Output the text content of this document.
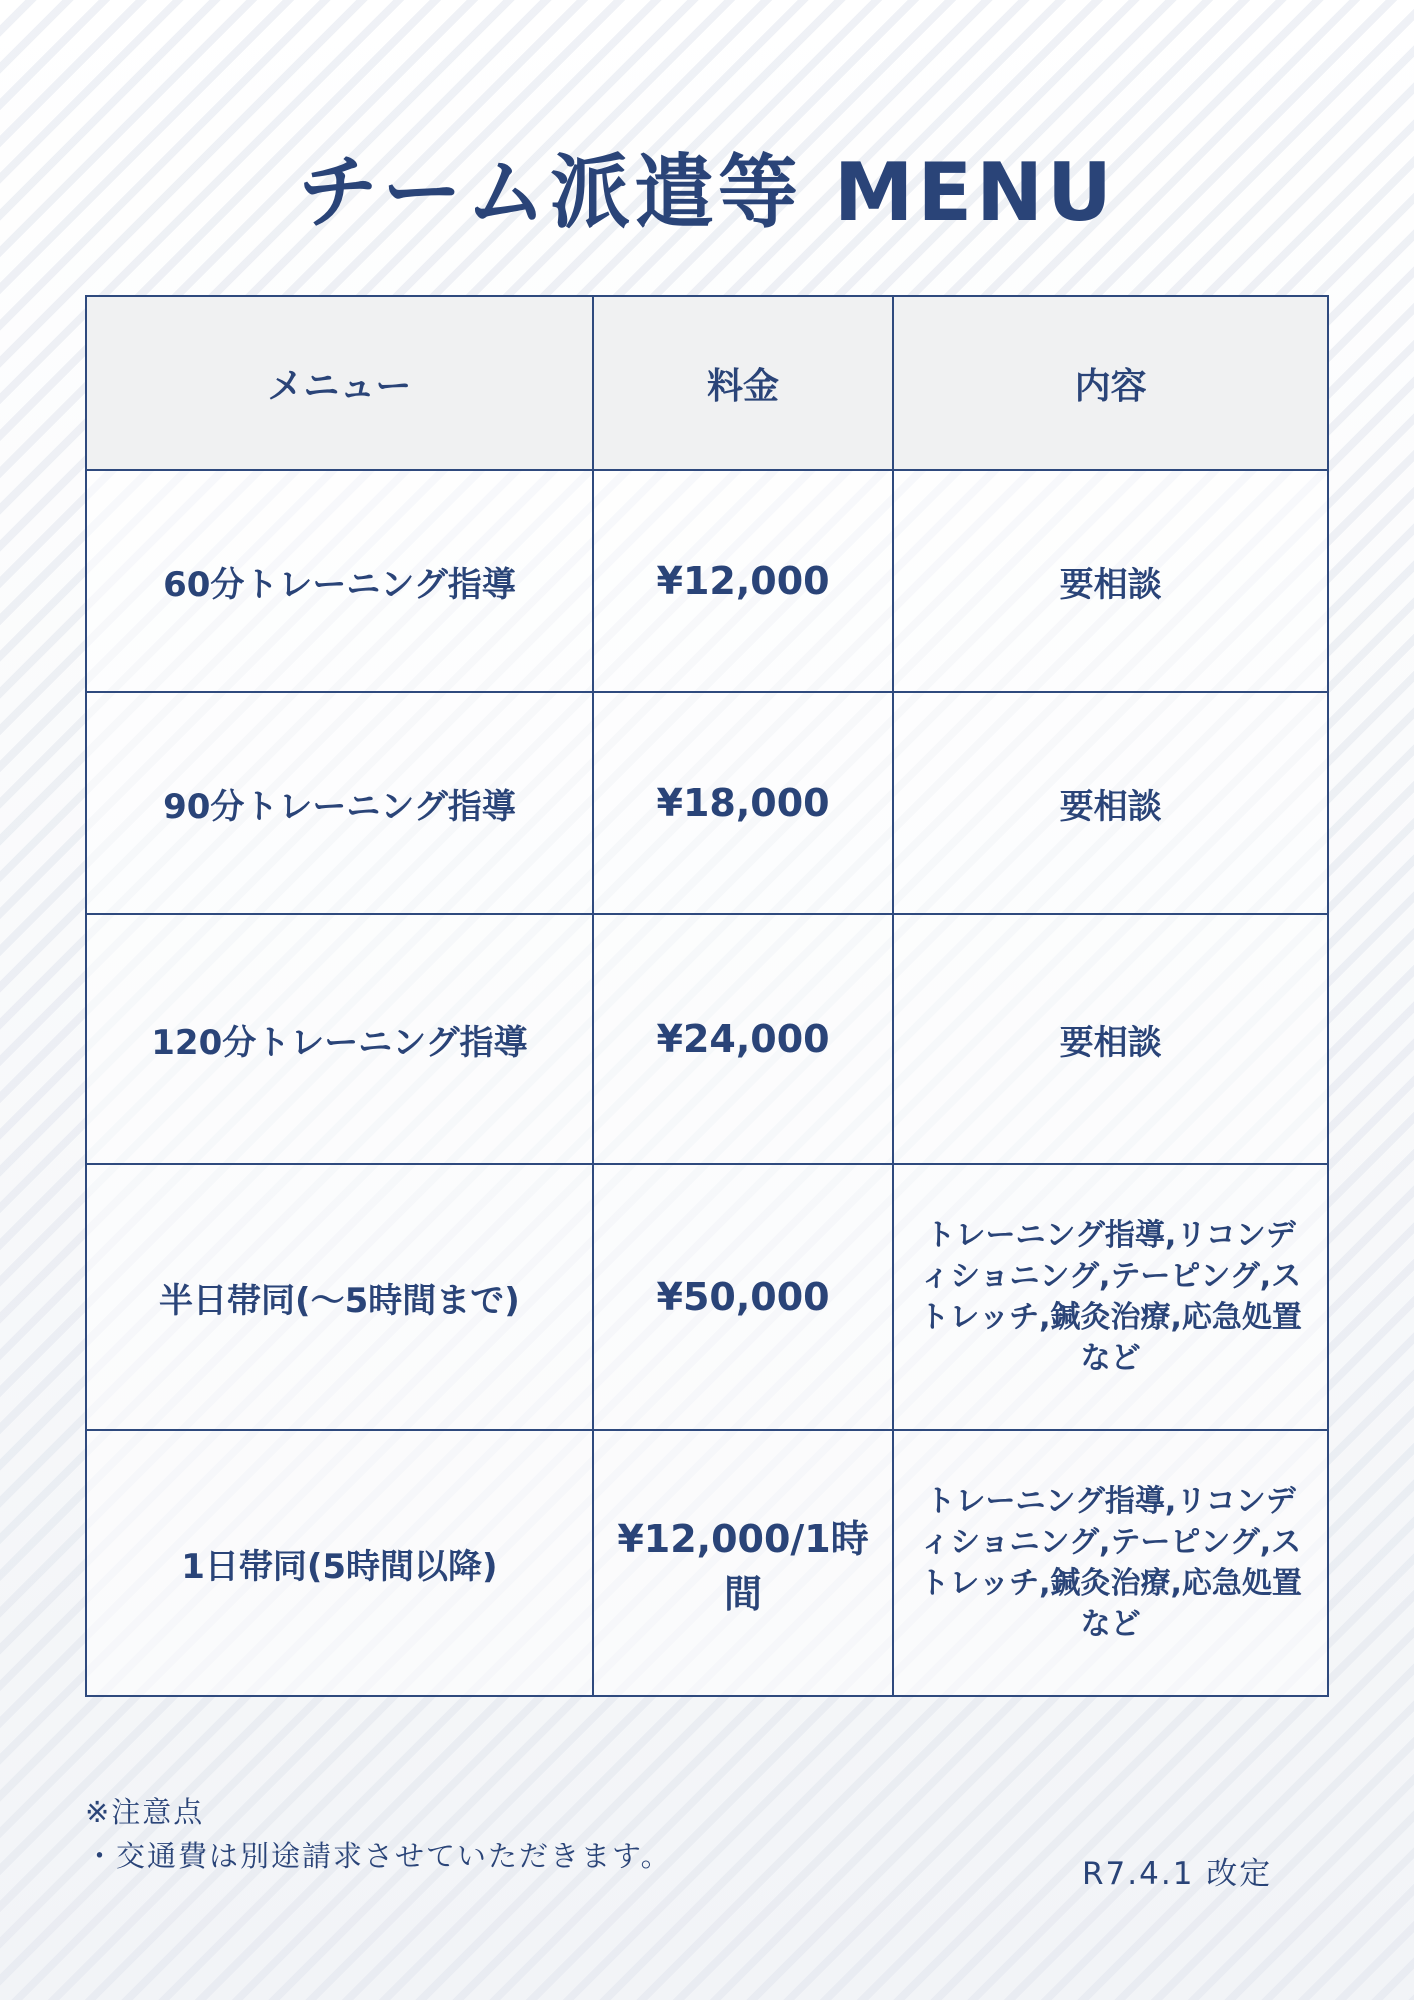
チーム派遣等 MENU
メニュー	料金	内容
60分トレーニング指導	¥12,000	要相談
90分トレーニング指導	¥18,000	要相談
120分トレーニング指導	¥24,000	要相談
半日帯同(〜5時間まで)	¥50,000	トレーニング指導,リコンディショニング,テーピング,ストレッチ,鍼灸治療,応急処置など
1日帯同(5時間以降)	¥12,000/1時間	トレーニング指導,リコンディショニング,テーピング,ストレッチ,鍼灸治療,応急処置など
※注意点
・交通費は別途請求させていただきます。	R7.4.1 改定
